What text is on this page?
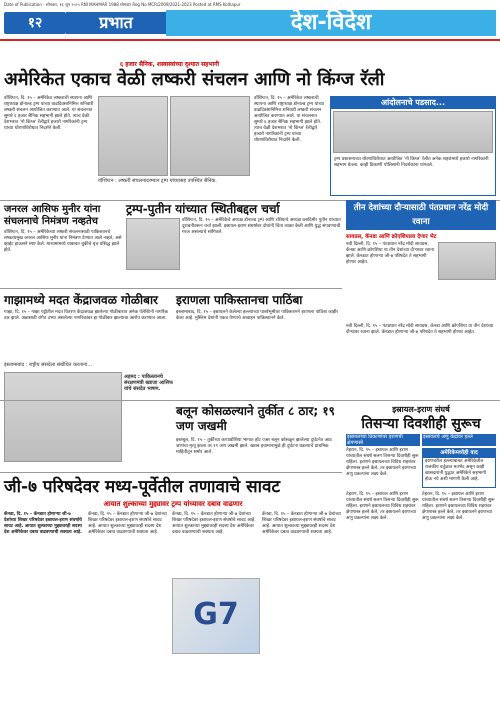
Date of Publication - सोमवार, १६ जून २०२५ RNI MAHMAR 1988 सोमवार Reg No MCR/2009/2021-2023 Posted at RMS Kolhapur
१२	प्रभात	देश-विदेश
अमेरिकेत एकाच वेळी लष्करी संचलन आणि नो किंग्ज रॅली
६ हजार सैनिक, शस्त्रास्त्रांच्या दृश्यात सहभागी
वॉशिंग्टन, दि. १५ – अमेरिकेत लष्कराची स्थापना आणि राष्ट्राध्यक्ष डोनाल्ड ट्रम्प यांच्या वाढदिवसानिमित्त शनिवारी लष्करी संचलन आयोजित करण्यात आले. या संचलनात सुमारे ६ हजार सैनिक सहभागी झाले होते. त्याच वेळी देशभरात 'नो किंग्ज' रॅलीद्वारे हजारो नागरिकांनी ट्रम्प यांच्या धोरणांविरोधात निदर्शने केली.
वॉशिंग्टन : लष्करी संचलनादरम्यान ट्रम्प यांच्यासह उपस्थित सैनिक.
वॉशिंग्टन, दि. १५ – अमेरिकेत लष्कराची स्थापना आणि राष्ट्राध्यक्ष डोनाल्ड ट्रम्प यांच्या वाढदिवसानिमित्त शनिवारी लष्करी संचलन आयोजित करण्यात आले. या संचलनात सुमारे ६ हजार सैनिक सहभागी झाले होते. त्याच वेळी देशभरात 'नो किंग्ज' रॅलीद्वारे हजारो नागरिकांनी ट्रम्प यांच्या धोरणांविरोधात निदर्शने केली.
आंदोलनाचे पडसाद...
ट्रम्प प्रशासनाच्या धोरणांविरोधात आयोजित 'नो किंग्ज' रॅलीत अनेक शहरांमध्ये हजारो नागरिकांनी सहभाग घेतला. काही ठिकाणी पोलिसांनी निदर्शकांना पांगवले.
जनरल आसिफ मुनीर यांना संचलनाचे निमंत्रण नव्हतेच
वॉशिंग्टन, दि. १५ – अमेरिकेच्या लष्करी संचलनासाठी पाकिस्तानचे लष्करप्रमुख जनरल आसिफ मुनीर यांना निमंत्रण देण्यात आले नव्हते, असे व्हाईट हाऊसने स्पष्ट केले. माध्यमांमध्ये याबाबत चुकीचे वृत्त प्रसिद्ध झाले होते.
ट्रम्प-पुतीन यांच्यात स्थितीबद्दल चर्चा
वॉशिंग्टन, दि. १५ – अमेरिकेचे अध्यक्ष डोनाल्ड ट्रम्प आणि रशियाचे अध्यक्ष व्लादिमीर पुतीन यांच्यात दूरध्वनीवरून चर्चा झाली. इस्रायल-इराण संघर्षावर दोघांनी चिंता व्यक्त केली आणि युद्ध संपवण्याची गरज असल्याचे सांगितले.
तीन देशांच्या दौऱ्यासाठी पंतप्रधान नरेंद्र मोदी रवाना
सायप्रस, कॅनडा आणि क्रोएशियाला देणार भेट
नवी दिल्ली, दि. १५ – पंतप्रधान नरेंद्र मोदी सायप्रस, कॅनडा आणि क्रोएशिया या तीन देशांच्या दौऱ्यावर रवाना झाले. कॅनडात होणाऱ्या जी-७ परिषदेत ते सहभागी होणार आहेत.
गाझामध्ये मदत केंद्राजवळ गोळीबार
गाझा, दि. १५ – गाझा पट्टीतील मदत वितरण केंद्राजवळ झालेल्या गोळीबारात अनेक पॅलेस्टिनी नागरिक ठार झाले. अन्नासाठी रांगेत उभ्या असलेल्या नागरिकांवर हा गोळीबार झाल्याचा आरोप करण्यात आला.
इराणला पाकिस्तानचा पाठिंबा
इस्लामाबाद, दि. १५ – इस्रायलने केलेल्या हल्ल्यांच्या पार्श्वभूमीवर पाकिस्तानने इराणला पाठिंबा जाहीर केला आहे. मुस्लिम देशांनी एकत्र येण्याचे आवाहन पाकिस्तानने केले.
नवी दिल्ली, दि. १५ – पंतप्रधान नरेंद्र मोदी सायप्रस, कॅनडा आणि क्रोएशिया या तीन देशांच्या दौऱ्यावर रवाना झाले. कॅनडात होणाऱ्या जी-७ परिषदेत ते सहभागी होणार आहेत.
इस्लामाबाद : राष्ट्रीय संसदेला संबोधित करताना...
अहमद : पाकिस्तानचे संरक्षणमंत्री ख्वाजा आसिफ यांचे संसदेत भाषण.
बलून कोसळल्याने तुर्कीत ८ ठार; १९ जण जखमी
इस्तंबूल, दि. १५ – तुर्कीच्या कप्पाडोशिया भागात हॉट एअर बलून कोसळून झालेल्या दुर्घटनेत आठ जणांचा मृत्यू झाला तर १९ जण जखमी झाले. खराब हवामानामुळे ही दुर्घटना घडल्याचे प्राथमिक माहितीतून समोर आले.
इस्रायल-इराण संघर्ष
तिसऱ्या दिवशीही सुरूच
इस्रायलच्या ठिकाणांवर इराणची क्षेपणास्त्रे
इस्रायलचे अणु केंद्रांवर हल्ले
तेहरान, दि. १५ – इस्रायल आणि इराण यांच्यातील संघर्ष सलग तिसऱ्या दिवशीही सुरू राहिला. इराणने इस्रायलच्या विविध शहरांवर क्षेपणास्त्र हल्ले केले, तर इस्रायलने इराणच्या अणु प्रकल्पांना लक्ष्य केले.
अमेरिकेमध्येही वाद
इराणवरील हल्ल्यांबाबत अमेरिकेतील राजकीय वर्तुळात मतभेद असून काही खासदारांनी युद्धात अमेरिकेने सहभागी होऊ नये अशी मागणी केली आहे.
जी-७ परिषदेवर मध्य-पूर्वेतील तणावाचे सावट
आयात शुल्काच्या मुद्द्यावर ट्रम्प यांच्यावर दबाव वाढणार
कॅनडा, दि. १५ – कॅनडात होणाऱ्या जी-७ देशांच्या शिखर परिषदेवर इस्रायल-इराण संघर्षाचे सावट आहे. आयात शुल्काच्या मुद्द्यावरही सदस्य देश अमेरिकेवर दबाव वाढवण्याची शक्यता आहे.
कॅनडा, दि. १५ – कॅनडात होणाऱ्या जी-७ देशांच्या शिखर परिषदेवर इस्रायल-इराण संघर्षाचे सावट आहे. आयात शुल्काच्या मुद्द्यावरही सदस्य देश अमेरिकेवर दबाव वाढवण्याची शक्यता आहे.
G7
कॅनडा, दि. १५ – कॅनडात होणाऱ्या जी-७ देशांच्या शिखर परिषदेवर इस्रायल-इराण संघर्षाचे सावट आहे. आयात शुल्काच्या मुद्द्यावरही सदस्य देश अमेरिकेवर दबाव वाढवण्याची शक्यता आहे.
कॅनडा, दि. १५ – कॅनडात होणाऱ्या जी-७ देशांच्या शिखर परिषदेवर इस्रायल-इराण संघर्षाचे सावट आहे. आयात शुल्काच्या मुद्द्यावरही सदस्य देश अमेरिकेवर दबाव वाढवण्याची शक्यता आहे.
तेहरान, दि. १५ – इस्रायल आणि इराण यांच्यातील संघर्ष सलग तिसऱ्या दिवशीही सुरू राहिला. इराणने इस्रायलच्या विविध शहरांवर क्षेपणास्त्र हल्ले केले, तर इस्रायलने इराणच्या अणु प्रकल्पांना लक्ष्य केले.
तेहरान, दि. १५ – इस्रायल आणि इराण यांच्यातील संघर्ष सलग तिसऱ्या दिवशीही सुरू राहिला. इराणने इस्रायलच्या विविध शहरांवर क्षेपणास्त्र हल्ले केले, तर इस्रायलने इराणच्या अणु प्रकल्पांना लक्ष्य केले.
